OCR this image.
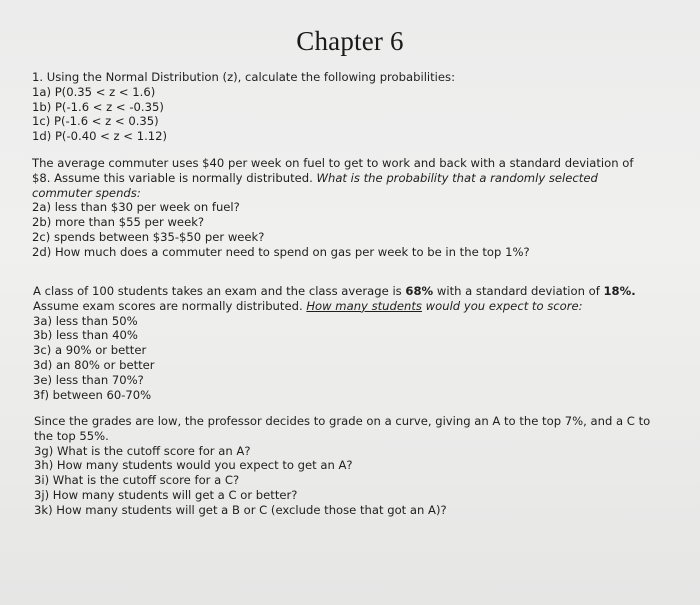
Chapter 6
1. Using the Normal Distribution (z), calculate the following probabilities:
1a) P(0.35 < z < 1.6)
1b) P(-1.6 < z < -0.35)
1c) P(-1.6 < z < 0.35)
1d) P(-0.40 < z < 1.12)
The average commuter uses $40 per week on fuel to get to work and back with a standard deviation of
$8. Assume this variable is normally distributed. What is the probability that a randomly selected
commuter spends:
2a) less than $30 per week on fuel?
2b) more than $55 per week?
2c) spends between $35-$50 per week?
2d) How much does a commuter need to spend on gas per week to be in the top 1%?
A class of 100 students takes an exam and the class average is 68% with a standard deviation of 18%.
Assume exam scores are normally distributed. How many students would you expect to score:
3a) less than 50%
3b) less than 40%
3c) a 90% or better
3d) an 80% or better
3e) less than 70%?
3f) between 60-70%
Since the grades are low, the professor decides to grade on a curve, giving an A to the top 7%, and a C to
the top 55%.
3g) What is the cutoff score for an A?
3h) How many students would you expect to get an A?
3i) What is the cutoff score for a C?
3j) How many students will get a C or better?
3k) How many students will get a B or C (exclude those that got an A)?
